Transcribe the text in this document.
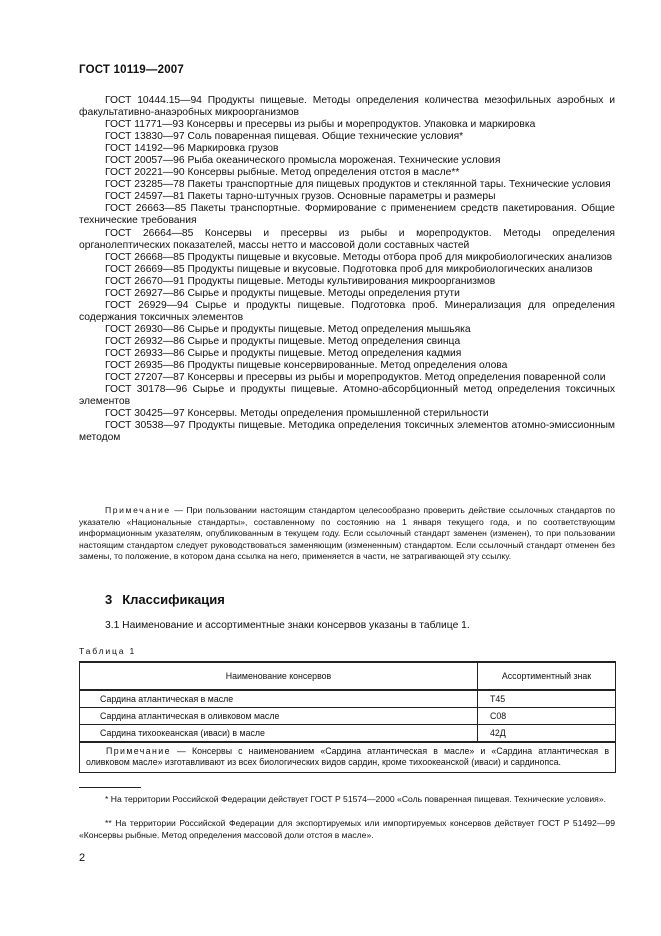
ГОСТ 10119—2007

ГОСТ 10444.15—94 Продукты пищевые. Методы определения количества мезофильных аэробных и факультативно-анаэробных микроорганизмов

ГОСТ 11771—93 Консервы и пресервы из рыбы и морепродуктов. Упаковка и маркировка

ГОСТ 13830—97 Соль поваренная пищевая. Общие технические условия*

ГОСТ 14192—96 Маркировка грузов

ГОСТ 20057—96 Рыба океанического промысла мороженая. Технические условия

ГОСТ 20221—90 Консервы рыбные. Метод определения отстоя в масле**

ГОСТ 23285—78 Пакеты транспортные для пищевых продуктов и стеклянной тары. Технические условия

ГОСТ 24597—81 Пакеты тарно-штучных грузов. Основные параметры и размеры

ГОСТ 26663—85 Пакеты транспортные. Формирование с применением средств пакетирования. Общие технические требования

ГОСТ 26664—85 Консервы и пресервы из рыбы и морепродуктов. Методы определения органолептических показателей, массы нетто и массовой доли составных частей

ГОСТ 26668—85 Продукты пищевые и вкусовые. Методы отбора проб для микробиологических анализов

ГОСТ 26669—85 Продукты пищевые и вкусовые. Подготовка проб для микробиологических анализов

ГОСТ 26670—91 Продукты пищевые. Методы культивирования микроорганизмов

ГОСТ 26927—86 Сырье и продукты пищевые. Методы определения ртути

ГОСТ 26929—94 Сырье и продукты пищевые. Подготовка проб. Минерализация для определения содержания токсичных элементов

ГОСТ 26930—86 Сырье и продукты пищевые. Метод определения мышьяка

ГОСТ 26932—86 Сырье и продукты пищевые. Метод определения свинца

ГОСТ 26933—86 Сырье и продукты пищевые. Метод определения кадмия

ГОСТ 26935—86 Продукты пищевые консервированные. Метод определения олова

ГОСТ 27207—87 Консервы и пресервы из рыбы и морепродуктов. Метод определения поваренной соли

ГОСТ 30178—96 Сырье и продукты пищевые. Атомно-абсорбционный метод определения токсичных элементов

ГОСТ 30425—97 Консервы. Методы определения промышленной стерильности

ГОСТ 30538—97 Продукты пищевые. Методика определения токсичных элементов атомно-эмиссионным методом

Примечание — При пользовании настоящим стандартом целесообразно проверить действие ссылочных стандартов по указателю «Национальные стандарты», составленному по состоянию на 1 января текущего года, и по соответствующим информационным указателям, опубликованным в текущем году. Если ссылочный стандарт заменен (изменен), то при пользовании настоящим стандартом следует руководствоваться заменяющим (измененным) стандартом. Если ссылочный стандарт отменен без замены, то положение, в котором дана ссылка на него, применяется в части, не затрагивающей эту ссылку.

3 Классификация
3.1 Наименование и ассортиментные знаки консервов указаны в таблице 1.
Таблица 1
Наименование консервов	Ассортиментный знак
Сардина атлантическая в масле	Т45
Сардина атлантическая в оливковом масле	С08
Сардина тихоокеанская (иваси) в масле	42Д
Примечание — Консервы с наименованием «Сардина атлантическая в масле» и «Сардина атлантическая в оливковом масле» изготавливают из всех биологических видов сардин, кроме тихоокеанской (иваси) и сардинопса.	

* На территории Российской Федерации действует ГОСТ Р 51574—2000 «Соль поваренная пищевая. Технические условия».

** На территории Российской Федерации для экспортируемых или импортируемых консервов действует ГОСТ Р 51492—99 «Консервы рыбные. Метод определения массовой доли отстоя в масле».

2
